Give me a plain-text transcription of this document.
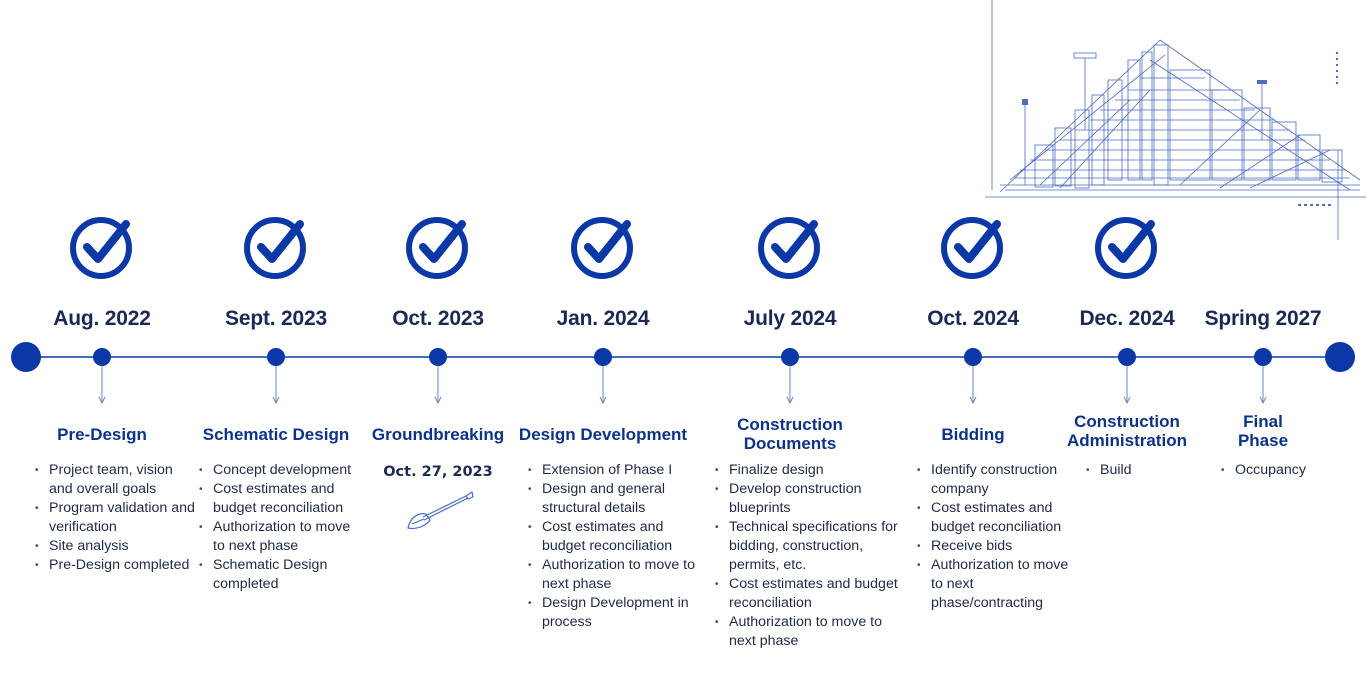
Aug. 2022
Pre-Design
• Project team, vision and overall goals
• Program validation and verification
• Site analysis
• Pre-Design completed
Sept. 2023
Schematic Design
• Concept development
• Cost estimates and budget reconciliation
• Authorization to move to next phase
• Schematic Design completed
Oct. 2023
Groundbreaking
Oct. 27, 2023
Jan. 2024
Design Development
• Extension of Phase I
• Design and general structural details
• Cost estimates and budget reconciliation
• Authorization to move to next phase
• Design Development in process
July 2024
Construction Documents
• Finalize design
• Develop construction blueprints
• Technical specifications for bidding, construction, permits, etc.
• Cost estimates and budget reconciliation
• Authorization to move to next phase
Oct. 2024
Bidding
• Identify construction company
• Cost estimates and budget reconciliation
• Receive bids
• Authorization to move to next phase/contracting
Dec. 2024
Construction Administration
• Build
Spring 2027
Final Phase
• Occupancy
